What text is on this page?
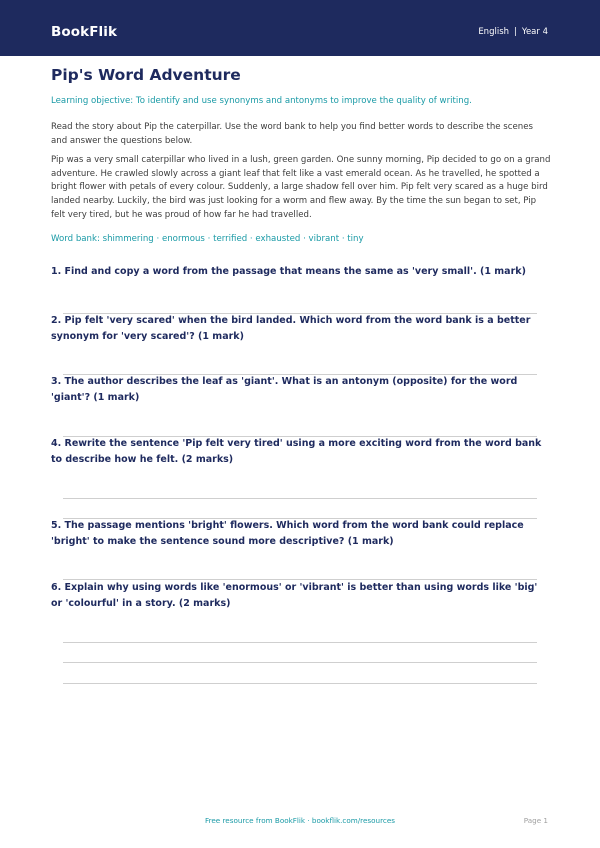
BookFlik	English | Year 4
Pip's Word Adventure
Learning objective: To identify and use synonyms and antonyms to improve the quality of writing.
Read the story about Pip the caterpillar. Use the word bank to help you find better words to describe the scenes and answer the questions below.
Pip was a very small caterpillar who lived in a lush, green garden. One sunny morning, Pip decided to go on a grand adventure. He crawled slowly across a giant leaf that felt like a vast emerald ocean. As he travelled, he spotted a bright flower with petals of every colour. Suddenly, a large shadow fell over him. Pip felt very scared as a huge bird landed nearby. Luckily, the bird was just looking for a worm and flew away. By the time the sun began to set, Pip felt very tired, but he was proud of how far he had travelled.
Word bank: shimmering · enormous · terrified · exhausted · vibrant · tiny
1. Find and copy a word from the passage that means the same as 'very small'. (1 mark)
2. Pip felt 'very scared' when the bird landed. Which word from the word bank is a better synonym for 'very scared'? (1 mark)
3. The author describes the leaf as 'giant'. What is an antonym (opposite) for the word 'giant'? (1 mark)
4. Rewrite the sentence 'Pip felt very tired' using a more exciting word from the word bank to describe how he felt. (2 marks)
5. The passage mentions 'bright' flowers. Which word from the word bank could replace 'bright' to make the sentence sound more descriptive? (1 mark)
6. Explain why using words like 'enormous' or 'vibrant' is better than using words like 'big' or 'colourful' in a story. (2 marks)
Free resource from BookFlik · bookflik.com/resources	Page 1
